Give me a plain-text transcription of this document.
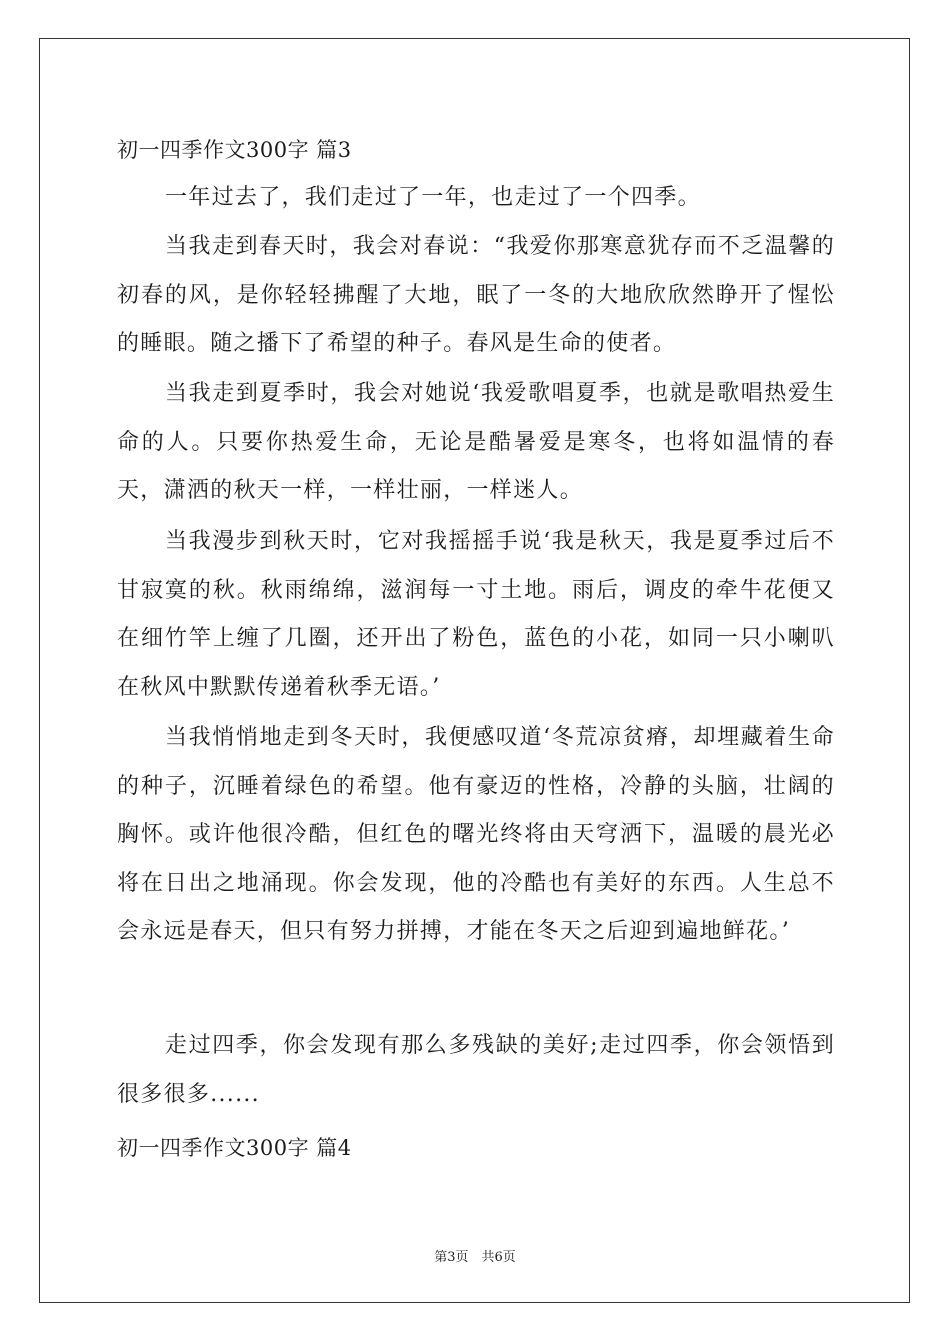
初一四季作文300字 篇3

一年过去了，我们走过了一年，也走过了一个四季。

当我走到春天时，我会对春说：“我爱你那寒意犹存而不乏温馨的初春的风，是你轻轻拂醒了大地，眠了一冬的大地欣欣然睁开了惺忪的睡眼。随之播下了希望的种子。春风是生命的使者。

当我走到夏季时，我会对她说‘我爱歌唱夏季，也就是歌唱热爱生命的人。只要你热爱生命，无论是酷暑爱是寒冬，也将如温情的春天，潇洒的秋天一样，一样壮丽，一样迷人。

当我漫步到秋天时，它对我摇摇手说‘我是秋天，我是夏季过后不甘寂寞的秋。秋雨绵绵，滋润每一寸土地。雨后，调皮的牵牛花便又在细竹竿上缠了几圈，还开出了粉色，蓝色的小花，如同一只小喇叭在秋风中默默传递着秋季无语。’

当我悄悄地走到冬天时，我便感叹道‘冬荒凉贫瘠，却埋藏着生命的种子，沉睡着绿色的希望。他有豪迈的性格，冷静的头脑，壮阔的胸怀。或许他很冷酷，但红色的曙光终将由天穹洒下，温暖的晨光必将在日出之地涌现。你会发现，他的冷酷也有美好的东西。人生总不会永远是春天，但只有努力拼搏，才能在冬天之后迎到遍地鲜花。’

走过四季，你会发现有那么多残缺的美好;走过四季，你会领悟到很多很多......

初一四季作文300字 篇4
第3页　共6页
